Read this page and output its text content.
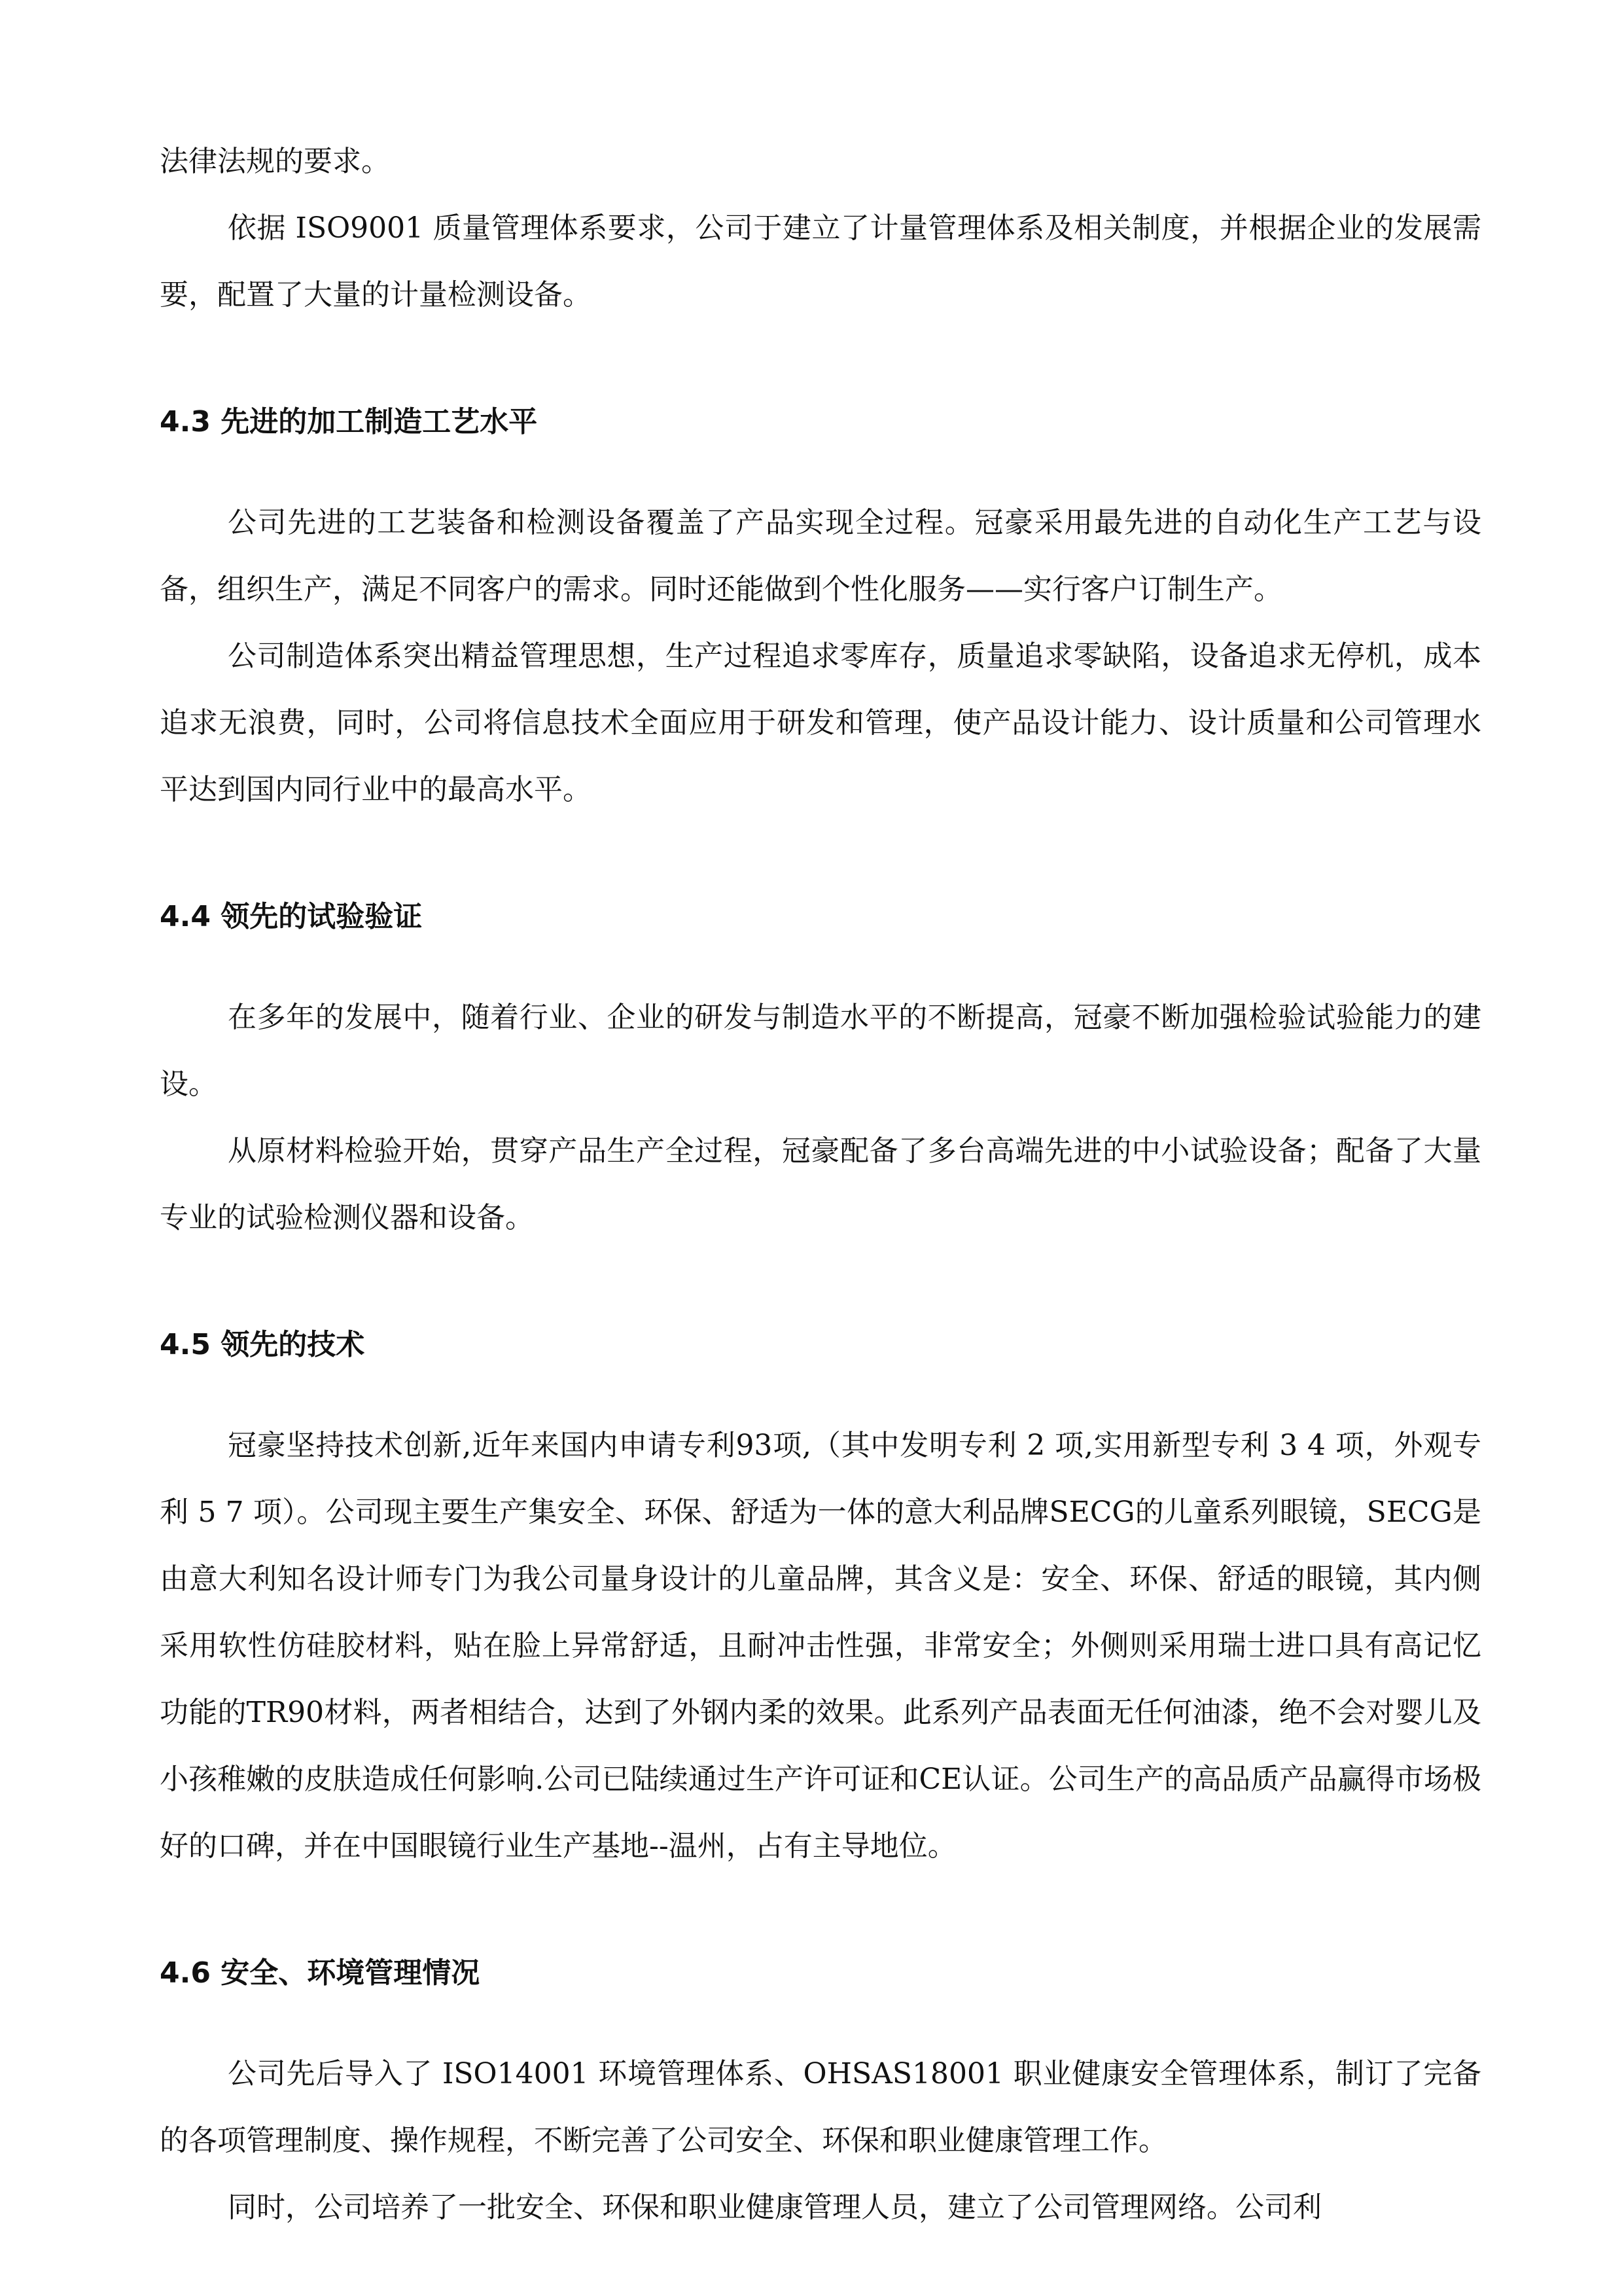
法律法规的要求。

依据 ISO9001 质量管理体系要求，公司于建立了计量管理体系及相关制度，并根据企业的发展需要，配置了大量的计量检测设备。

4.3 先进的加工制造工艺水平

公司先进的工艺装备和检测设备覆盖了产品实现全过程。冠豪采用最先进的自动化生产工艺与设备，组织生产，满足不同客户的需求。同时还能做到个性化服务——实行客户订制生产。

公司制造体系突出精益管理思想，生产过程追求零库存，质量追求零缺陷，设备追求无停机，成本追求无浪费，同时，公司将信息技术全面应用于研发和管理，使产品设计能力、设计质量和公司管理水平达到国内同行业中的最高水平。

4.4 领先的试验验证

在多年的发展中，随着行业、企业的研发与制造水平的不断提高，冠豪不断加强检验试验能力的建设。

从原材料检验开始，贯穿产品生产全过程，冠豪配备了多台高端先进的中小试验设备；配备了大量专业的试验检测仪器和设备。

4.5 领先的技术

冠豪坚持技术创新,近年来国内申请专利93项,（其中发明专利 2 项,实用新型专利 3 4 项，外观专利 5 7 项）。公司现主要生产集安全、环保、舒适为一体的意大利品牌SECG的儿童系列眼镜，SECG是由意大利知名设计师专门为我公司量身设计的儿童品牌，其含义是：安全、环保、舒适的眼镜，其内侧采用软性仿硅胶材料，贴在脸上异常舒适，且耐冲击性强，非常安全；外侧则采用瑞士进口具有高记忆功能的TR90材料，两者相结合，达到了外钢内柔的效果。此系列产品表面无任何油漆，绝不会对婴儿及小孩稚嫩的皮肤造成任何影响.公司已陆续通过生产许可证和CE认证。公司生产的高品质产品赢得市场极好的口碑，并在中国眼镜行业生产基地--温州，占有主导地位。

4.6 安全、环境管理情况

公司先后导入了 ISO14001 环境管理体系、OHSAS18001 职业健康安全管理体系，制订了完备的各项管理制度、操作规程，不断完善了公司安全、环保和职业健康管理工作。

同时，公司培养了一批安全、环保和职业健康管理人员，建立了公司管理网络。公司利
